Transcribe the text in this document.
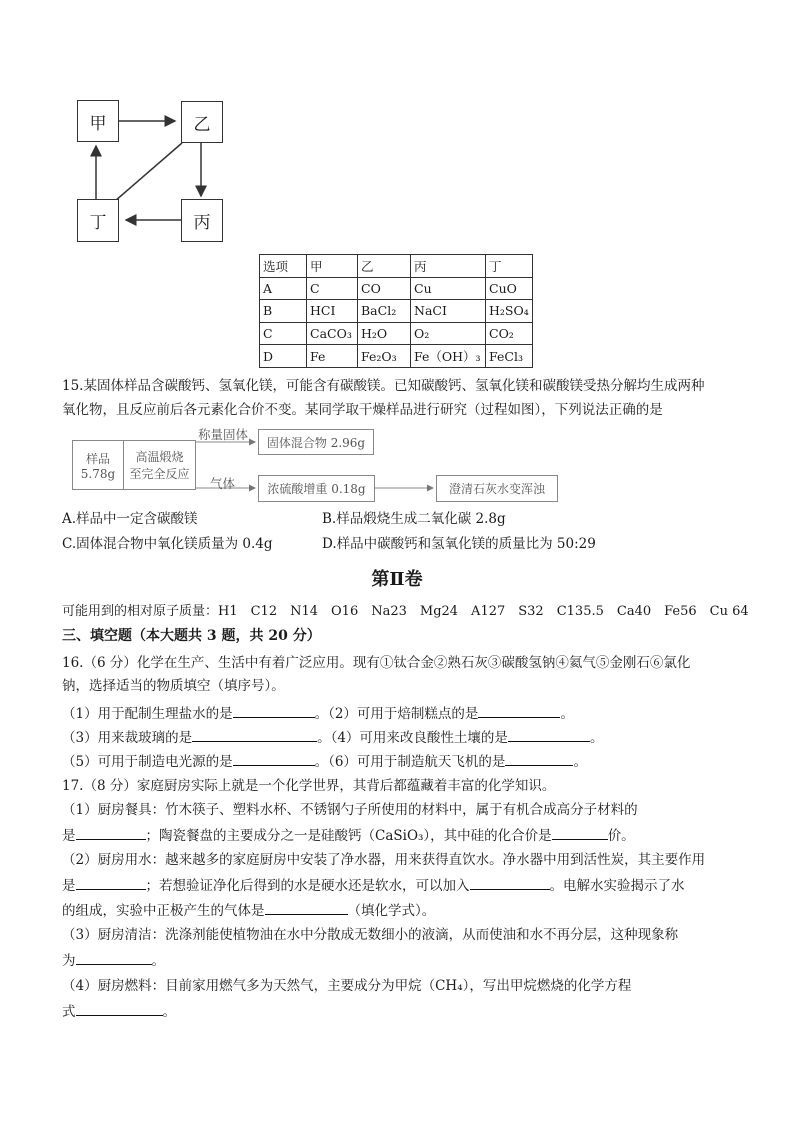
甲	乙
丁	丙
选项	甲	乙	丙	丁
A	C	CO	Cu	CuO
B	HCI	BaCl₂	NaCI	H₂SO₄
C	CaCO₃	H₂O	O₂	CO₂
D	Fe	Fe₂O₃	Fe（OH）₃	FeCl₃
15.某固体样品含碳酸钙、氢氧化镁，可能含有碳酸镁。已知碳酸钙、氢氧化镁和碳酸镁受热分解均生成两种
氧化物，且反应前后各元素化合价不变。某同学取干燥样品进行研究（过程如图），下列说法正确的是
样品
5.78g
高温煅烧
至完全反应
称量固体
固体混合物 2.96g
气体	浓硫酸增重 0.18g	澄清石灰水变浑浊
A.样品中一定含碳酸镁	B.样品煅烧生成二氧化碳 2.8g
C.固体混合物中氧化镁质量为 0.4g	D.样品中碳酸钙和氢氧化镁的质量比为 50:29
第Ⅱ卷
可能用到的相对原子质量：H1　C12　N14　O16　Na23　Mg24　A127　S32　C135.5　Ca40　Fe56　Cu 64
三、填空题（本大题共 3 题，共 20 分）
16.（6 分）化学在生产、生活中有着广泛应用。现有①钛合金②熟石灰③碳酸氢钠④氦气⑤金刚石⑥氯化
钠，选择适当的物质填空（填序号）。
（1）用于配制生理盐水的是	。（2）可用于焙制糕点的是	。
（3）用来裁玻璃的是	。（4）可用来改良酸性土壤的是	。
（5）可用于制造电光源的是	。（6）可用于制造航天飞机的是	。
17.（8 分）家庭厨房实际上就是一个化学世界，其背后都蕴藏着丰富的化学知识。
（1）厨房餐具：竹木筷子、塑料水杯、不锈钢勺子所使用的材料中，属于有机合成高分子材料的
是	；陶瓷餐盘的主要成分之一是硅酸钙（CaSiO₃），其中硅的化合价是	价。
（2）厨房用水：越来越多的家庭厨房中安装了净水器，用来获得直饮水。净水器中用到活性炭，其主要作用
是	；若想验证净化后得到的水是硬水还是软水，可以加入	。电解水实验揭示了水
的组成，实验中正极产生的气体是	（填化学式）。
（3）厨房清洁：洗涤剂能使植物油在水中分散成无数细小的液滴，从而使油和水不再分层，这种现象称
为	。
（4）厨房燃料：目前家用燃气多为天然气，主要成分为甲烷（CH₄），写出甲烷燃烧的化学方程
式	。
